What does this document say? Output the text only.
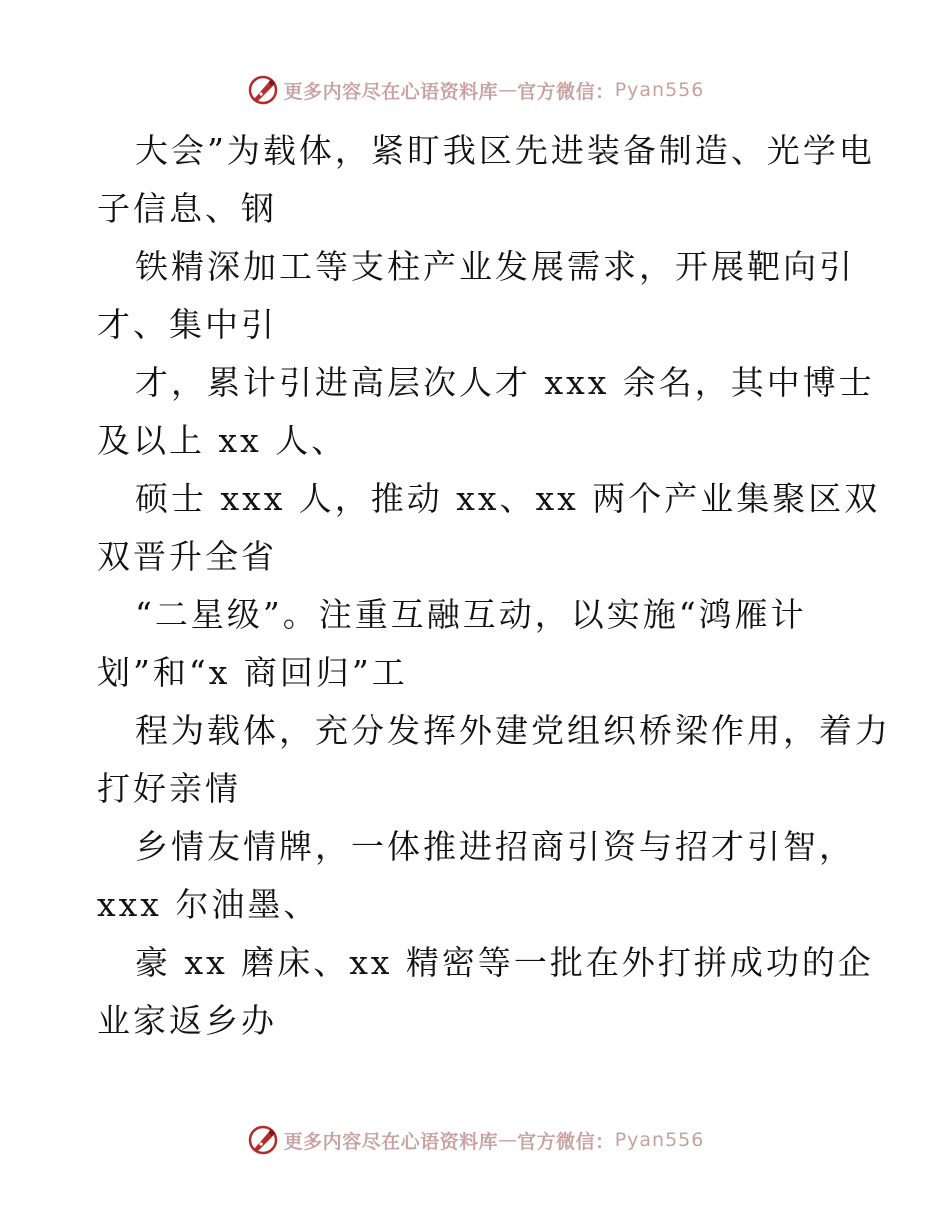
更多内容尽在心语资料库 — 官方微信： Pyan556

大会”为载体，紧盯我区先进装备制造、光学电
子信息、钢

铁精深加工等支柱产业发展需求，开展靶向引
才、集中引

才，累计引进高层次人才 xxx 余名，其中博士
及以上 xx 人、

硕士 xxx 人，推动 xx、xx 两个产业集聚区双
双晋升全省

“二星级”。注重互融互动，以实施“鸿雁计
划”和“x 商回归”工

程为载体，充分发挥外建党组织桥梁作用，着力
打好亲情

乡情友情牌，一体推进招商引资与招才引智，
xxx 尔油墨、

豪 xx 磨床、xx 精密等一批在外打拼成功的企
业家返乡办

更多内容尽在心语资料库 — 官方微信： Pyan556
